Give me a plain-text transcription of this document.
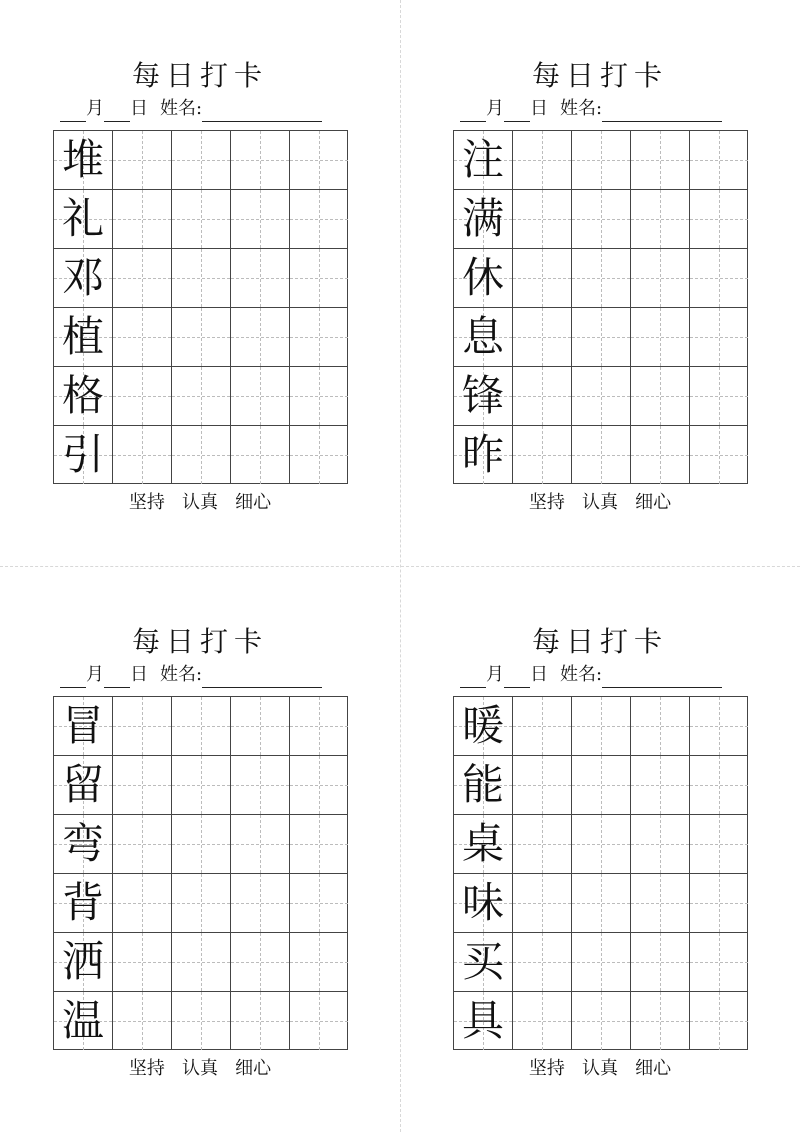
每日打卡
月 日 姓名:
堆
礼
邓
植
格
引
坚持   认真   细心
每日打卡
月 日 姓名:
注
满
休
息
锋
昨
坚持   认真   细心
每日打卡
月 日 姓名:
冒
留
弯
背
洒
温
坚持   认真   细心
每日打卡
月 日 姓名:
暖
能
桌
味
买
具
坚持   认真   细心
